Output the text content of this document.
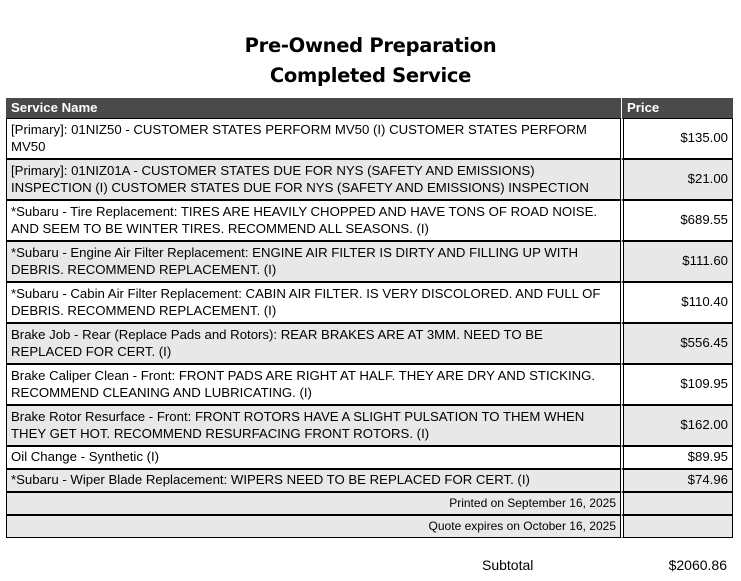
Pre-Owned Preparation
Completed Service
Service Name	Price
[Primary]: 01NIZ50 - CUSTOMER STATES PERFORM MV50 (I) CUSTOMER STATES PERFORM MV50	$135.00
[Primary]: 01NIZ01A - CUSTOMER STATES DUE FOR NYS (SAFETY AND EMISSIONS) INSPECTION (I) CUSTOMER STATES DUE FOR NYS (SAFETY AND EMISSIONS) INSPECTION	$21.00
*Subaru - Tire Replacement: TIRES ARE HEAVILY CHOPPED AND HAVE TONS OF ROAD NOISE. AND SEEM TO BE WINTER TIRES. RECOMMEND ALL SEASONS. (I)	$689.55
*Subaru - Engine Air Filter Replacement: ENGINE AIR FILTER IS DIRTY AND FILLING UP WITH DEBRIS. RECOMMEND REPLACEMENT. (I)	$111.60
*Subaru - Cabin Air Filter Replacement: CABIN AIR FILTER. IS VERY DISCOLORED. AND FULL OF DEBRIS. RECOMMEND REPLACEMENT. (I)	$110.40
Brake Job - Rear (Replace Pads and Rotors): REAR BRAKES ARE AT 3MM. NEED TO BE REPLACED FOR CERT. (I)	$556.45
Brake Caliper Clean - Front: FRONT PADS ARE RIGHT AT HALF. THEY ARE DRY AND STICKING. RECOMMEND CLEANING AND LUBRICATING. (I)	$109.95
Brake Rotor Resurface - Front: FRONT ROTORS HAVE A SLIGHT PULSATION TO THEM WHEN THEY GET HOT. RECOMMEND RESURFACING FRONT ROTORS. (I)	$162.00
Oil Change - Synthetic (I)	$89.95
*Subaru - Wiper Blade Replacement: WIPERS NEED TO BE REPLACED FOR CERT. (I)	$74.96
Printed on September 16, 2025	
Quote expires on October 16, 2025	
Subtotal	$2060.86
